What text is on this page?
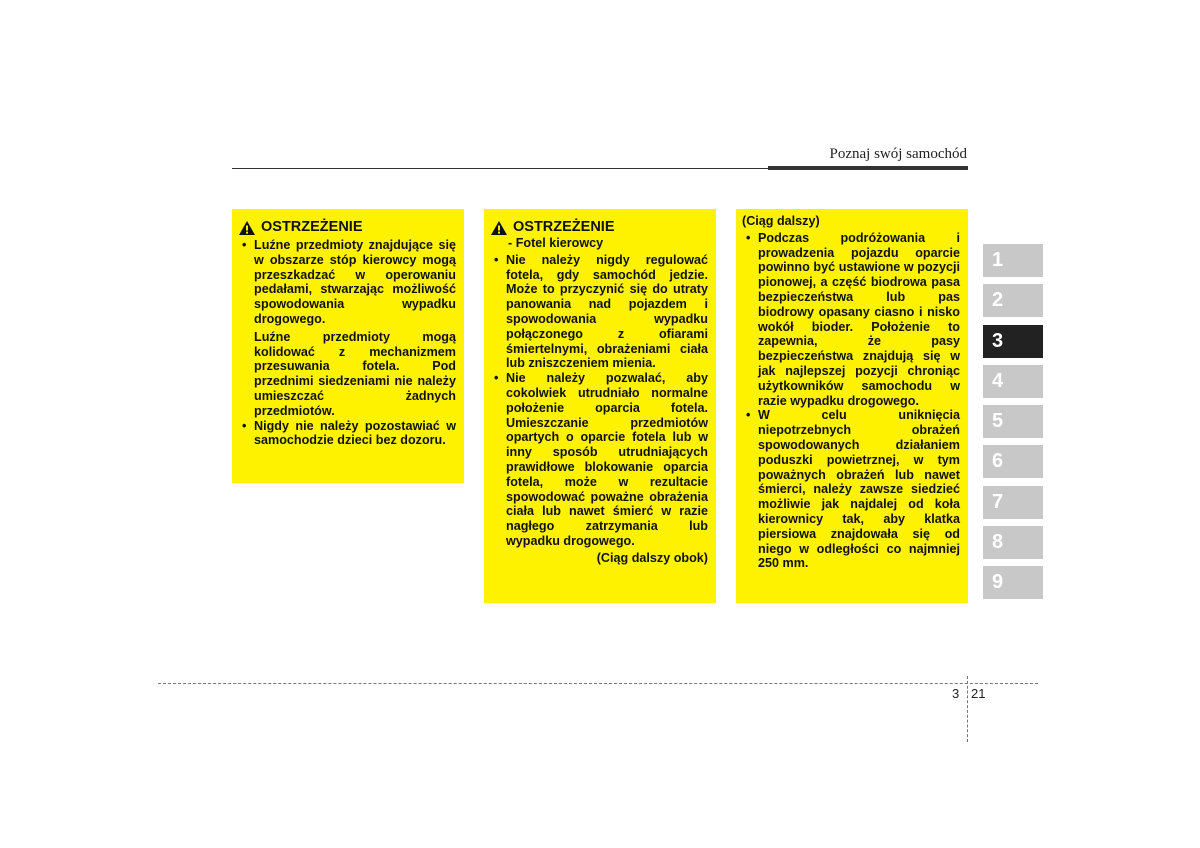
Poznaj swój samochód
OSTRZEŻENIE
• Luźne przedmioty znajdujące się w obszarze stóp kierowcy mogą przeszkadzać w operowaniu pedałami, stwarzając możliwość spowodowania wypadku drogowego.
Luźne przedmioty mogą kolidować z mechanizmem przesuwania fotela. Pod przednimi siedzeniami nie należy umieszczać żadnych przedmiotów.
• Nigdy nie należy pozostawiać w samochodzie dzieci bez dozoru.
OSTRZEŻENIE
- Fotel kierowcy
• Nie należy nigdy regulować fotela, gdy samochód jedzie. Może to przyczynić się do utraty panowania nad pojazdem i spowodowania wypadku połączonego z ofiarami śmiertelnymi, obrażeniami ciała lub zniszczeniem mienia.
• Nie należy pozwalać, aby cokolwiek utrudniało normalne położenie oparcia fotela. Umieszczanie przedmiotów opartych o oparcie fotela lub w inny sposób utrudniających prawidłowe blokowanie oparcia fotela, może w rezultacie spowodować poważne obrażenia ciała lub nawet śmierć w razie nagłego zatrzymania lub wypadku drogowego.
(Ciąg dalszy obok)
(Ciąg dalszy)
• Podczas podróżowania i prowadzenia pojazdu oparcie powinno być ustawione w pozycji pionowej, a część biodrowa pasa bezpieczeństwa lub pas biodrowy opasany ciasno i nisko wokół bioder. Położenie to zapewnia, że pasy bezpieczeństwa znajdują się w jak najlepszej pozycji chroniąc użytkowników samochodu w razie wypadku drogowego.
• W celu uniknięcia niepotrzebnych obrażeń spowodowanych działaniem poduszki powietrznej, w tym poważnych obrażeń lub nawet śmierci, należy zawsze siedzieć możliwie jak najdalej od koła kierownicy tak, aby klatka piersiowa znajdowała się od niego w odległości co najmniej 250 mm.
1
2
3
4
5
6
7
8
9
3 21
